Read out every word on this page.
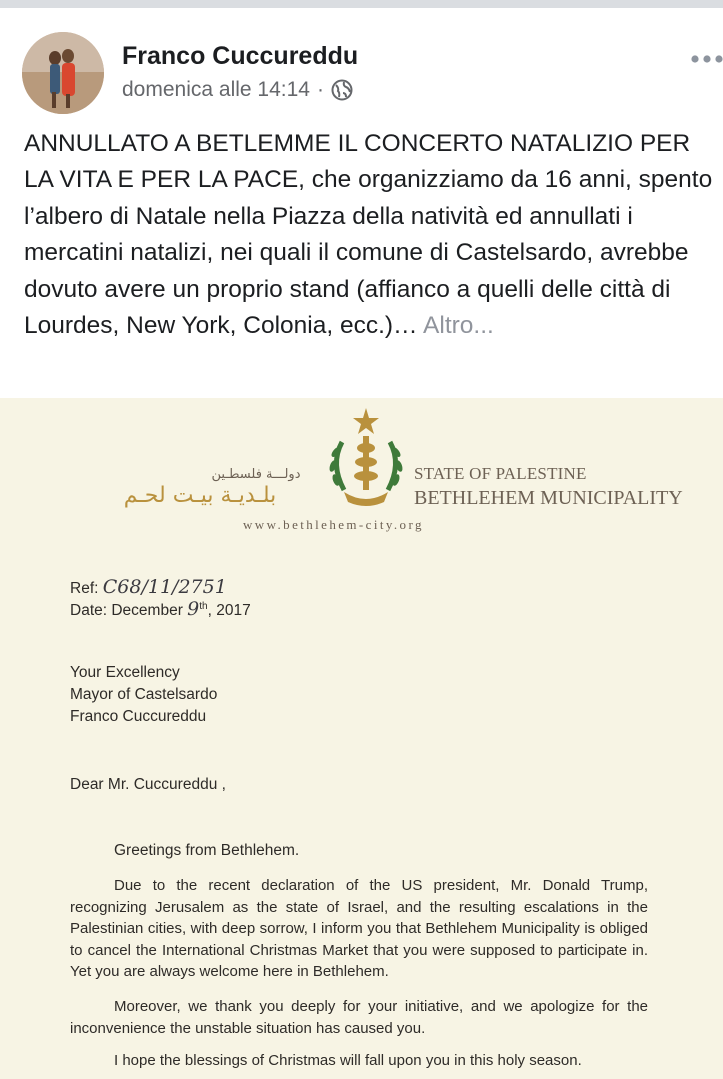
Franco Cuccureddu
domenica alle 14:14 ·
ANNULLATO A BETLEMME IL CONCERTO NATALIZIO PER LA VITA E PER LA PACE, che organizziamo da 16 anni, spento l’albero di Natale nella Piazza della natività ed annullati i mercatini natalizi, nei quali il comune di Castelsardo, avrebbe dovuto avere un proprio stand (affianco a quelli delle città di Lourdes, New York, Colonia, ecc.)… Altro...
دولـــة فلسطـين
بلـديـة بيـت لحـم
STATE OF PALESTINE
BETHLEHEM MUNICIPALITY
www.bethlehem-city.org
Ref: C68/11/2751
Date: December 9th, 2017
Your Excellency
Mayor of Castelsardo
Franco Cuccureddu
Dear Mr. Cuccureddu ,
Greetings from Bethlehem.
Due to the recent declaration of the US president, Mr. Donald Trump, recognizing Jerusalem as the state of Israel, and the resulting escalations in the Palestinian cities, with deep sorrow, I inform you that Bethlehem Municipality is obliged to cancel the International Christmas Market that you were supposed to participate in. Yet you are always welcome here in Bethlehem.
Moreover, we thank you deeply for your initiative, and we apologize for the inconvenience the unstable situation has caused you.
I hope the blessings of Christmas will fall upon you in this holy season.
